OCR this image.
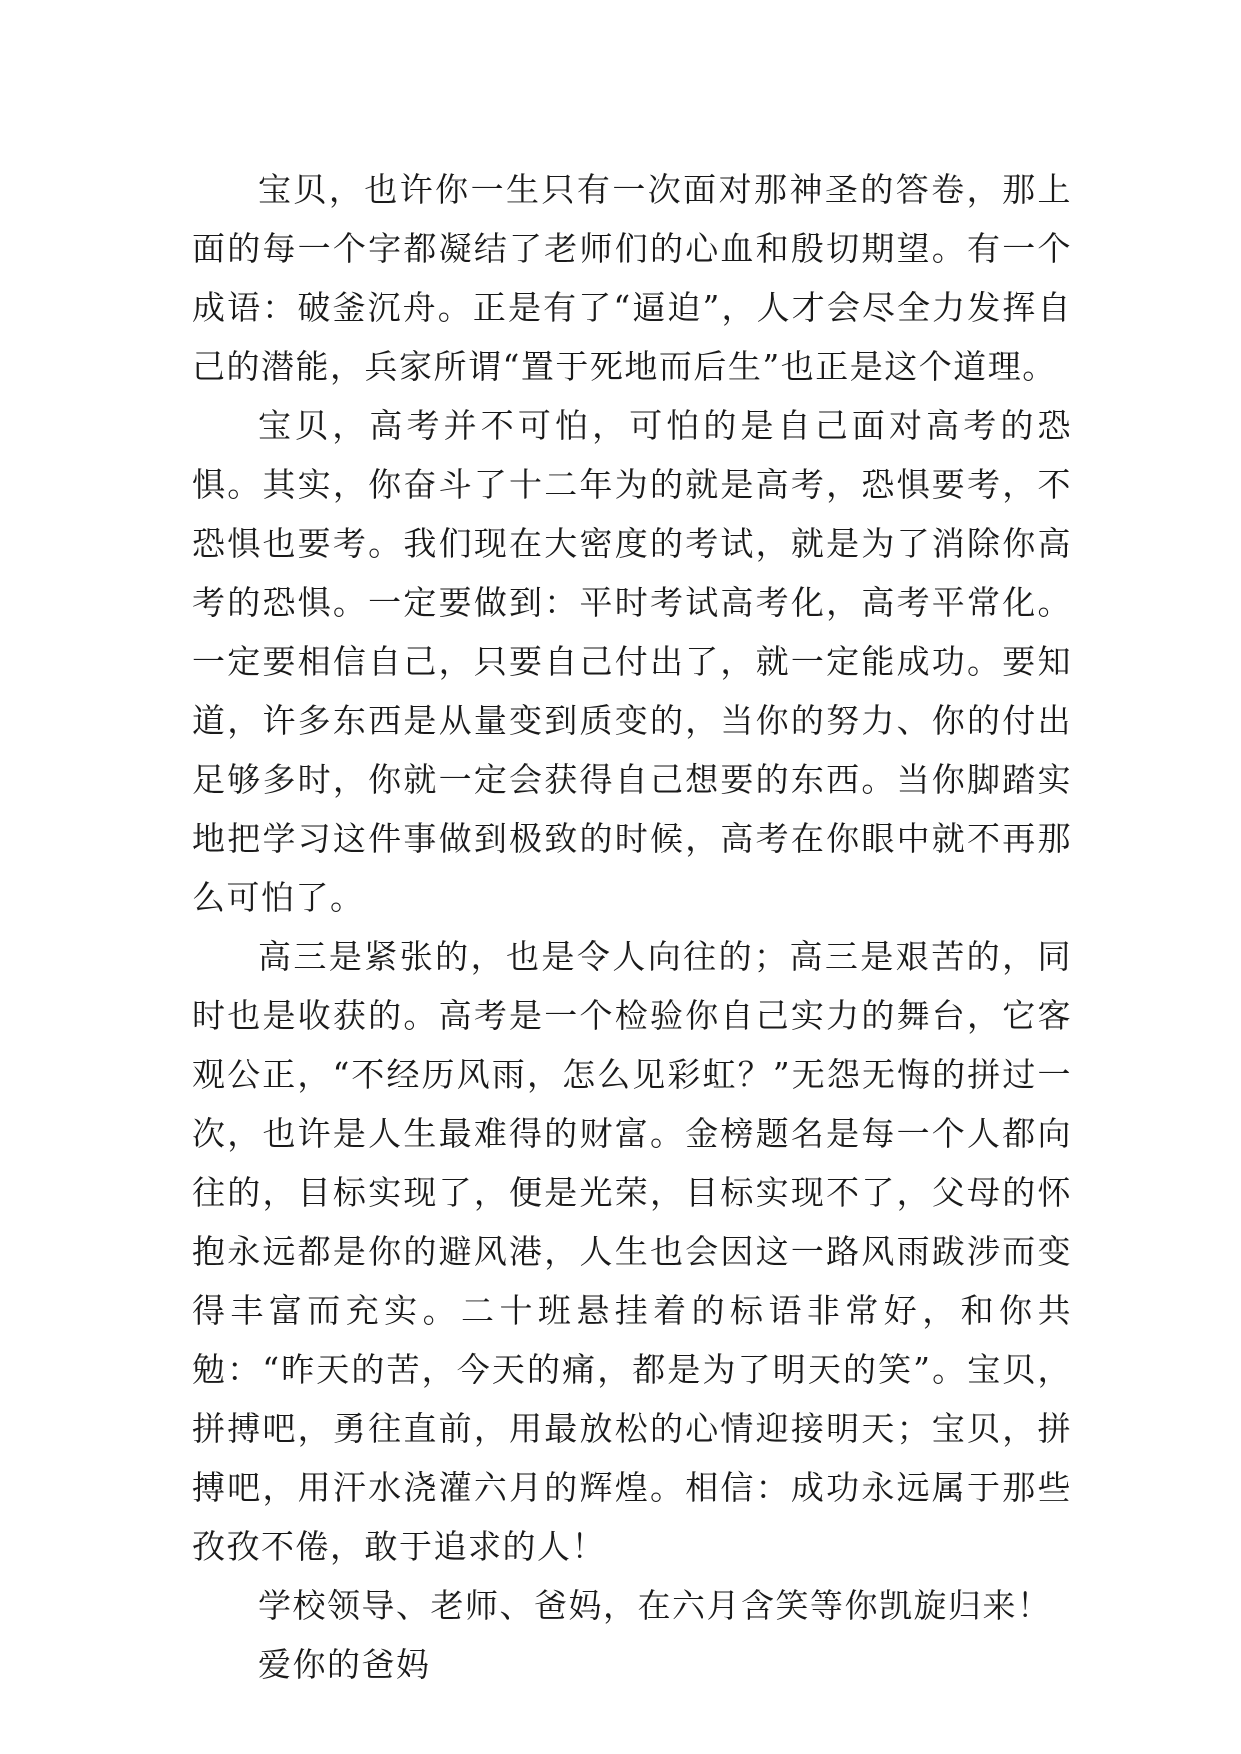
宝贝，也许你一生只有一次面对那神圣的答卷，那上面的每一个字都凝结了老师们的心血和殷切期望。有一个成语：破釜沉舟。正是有了“逼迫”，人才会尽全力发挥自己的潜能，兵家所谓“置于死地而后生”也正是这个道理。

宝贝，高考并不可怕，可怕的是自己面对高考的恐惧。其实，你奋斗了十二年为的就是高考，恐惧要考，不恐惧也要考。我们现在大密度的考试，就是为了消除你高考的恐惧。一定要做到：平时考试高考化，高考平常化。一定要相信自己，只要自己付出了，就一定能成功。要知道，许多东西是从量变到质变的，当你的努力、你的付出足够多时，你就一定会获得自己想要的东西。当你脚踏实地把学习这件事做到极致的时候，高考在你眼中就不再那么可怕了。

高三是紧张的，也是令人向往的；高三是艰苦的，同时也是收获的。高考是一个检验你自己实力的舞台，它客观公正，“不经历风雨，怎么见彩虹？”无怨无悔的拼过一次，也许是人生最难得的财富。金榜题名是每一个人都向往的，目标实现了，便是光荣，目标实现不了，父母的怀抱永远都是你的避风港，人生也会因这一路风雨跋涉而变得丰富而充实。二十班悬挂着的标语非常好，和你共勉：“昨天的苦，今天的痛，都是为了明天的笑”。宝贝，拼搏吧，勇往直前，用最放松的心情迎接明天；宝贝，拼搏吧，用汗水浇灌六月的辉煌。相信：成功永远属于那些孜孜不倦，敢于追求的人！

学校领导、老师、爸妈，在六月含笑等你凯旋归来！

爱你的爸妈
